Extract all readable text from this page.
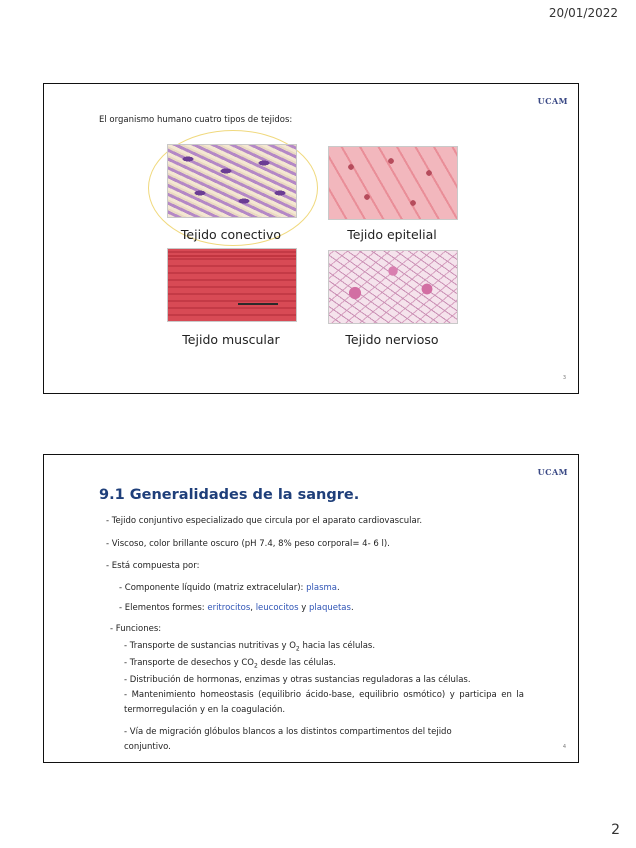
20/01/2022
UCAM
El organismo humano cuatro tipos de tejidos:
Tejido conectivo	Tejido epitelial
Tejido muscular	Tejido nervioso
3
UCAM
9.1 Generalidades de la sangre.
- Tejido conjuntivo especializado que circula por el aparato cardiovascular.
- Viscoso, color brillante oscuro (pH 7.4, 8% peso corporal= 4- 6 l).
- Está compuesta por:
- Componente líquido (matriz extracelular): plasma.
- Elementos formes: eritrocitos, leucocitos y plaquetas.
- Funciones:
- Transporte de sustancias nutritivas y $O_2$ hacia las células.
- Transporte de desechos y $CO_2$ desde las células.
- Distribución de hormonas, enzimas y otras sustancias reguladoras a las células.
- Mantenimiento homeostasis (equilibrio ácido-base, equilibrio osmótico) y participa en la termorregulación y en la coagulación.
- Vía de migración glóbulos blancos a los distintos compartimentos del tejido conjuntivo.	4
2
